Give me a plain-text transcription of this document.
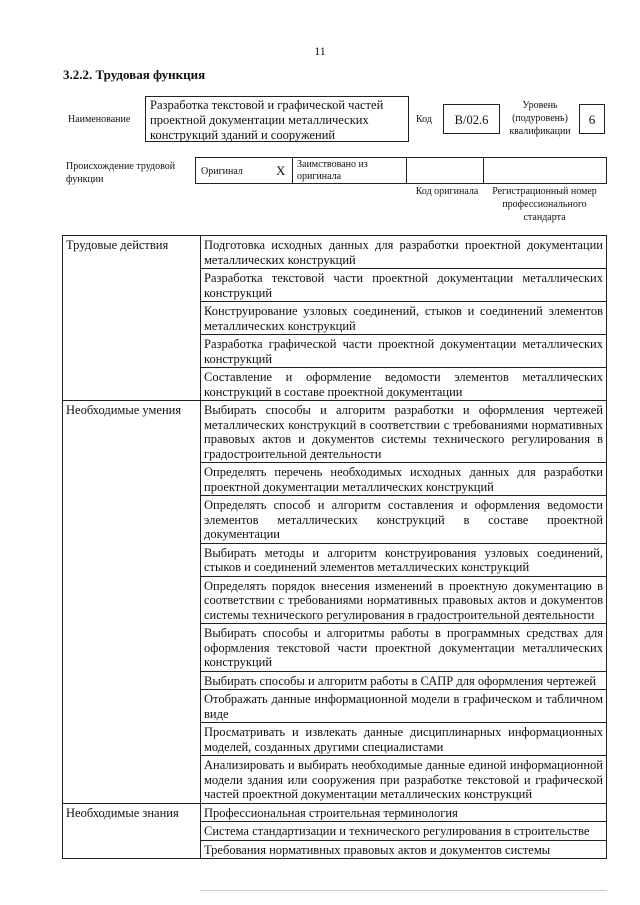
11
3.2.2. Трудовая функция
Наименование
Разработка текстовой и графической частей проектной документации металлических конструкций зданий и сооружений
Код	B/02.6
Уровень (подуровень) квалификации
6
Происхождение трудовой функции
Оригинал	X Заимствовано из оригинала
Код оригинала	Регистрационный номер профессионального стандарта
Трудовые действия	Подготовка исходных данных для разработки проектной документации металлических конструкций
	Разработка текстовой части проектной документации металлических конструкций
	Конструирование узловых соединений, стыков и соединений элементов металлических конструкций
	Разработка графической части проектной документации металлических конструкций
	Составление и оформление ведомости элементов металлических конструкций в составе проектной документации
Необходимые умения	Выбирать способы и алгоритм разработки и оформления чертежей металлических конструкций в соответствии с требованиями нормативных правовых актов и документов системы технического регулирования в градостроительной деятельности
	Определять перечень необходимых исходных данных для разработки проектной документации металлических конструкций
	Определять способ и алгоритм составления и оформления ведомости элементов металлических конструкций в составе проектной документации
	Выбирать методы и алгоритм конструирования узловых соединений, стыков и соединений элементов металлических конструкций
	Определять порядок внесения изменений в проектную документацию в соответствии с требованиями нормативных правовых актов и документов системы технического регулирования в градостроительной деятельности
	Выбирать способы и алгоритмы работы в программных средствах для оформления текстовой части проектной документации металлических конструкций
	Выбирать способы и алгоритм работы в САПР для оформления чертежей
	Отображать данные информационной модели в графическом и табличном виде
	Просматривать и извлекать данные дисциплинарных информационных моделей, созданных другими специалистами
	Анализировать и выбирать необходимые данные единой информационной модели здания или сооружения при разработке текстовой и графической частей проектной документации металлических конструкций
Необходимые знания	Профессиональная строительная терминология
	Система стандартизации и технического регулирования в строительстве
	Требования нормативных правовых актов и документов системы
